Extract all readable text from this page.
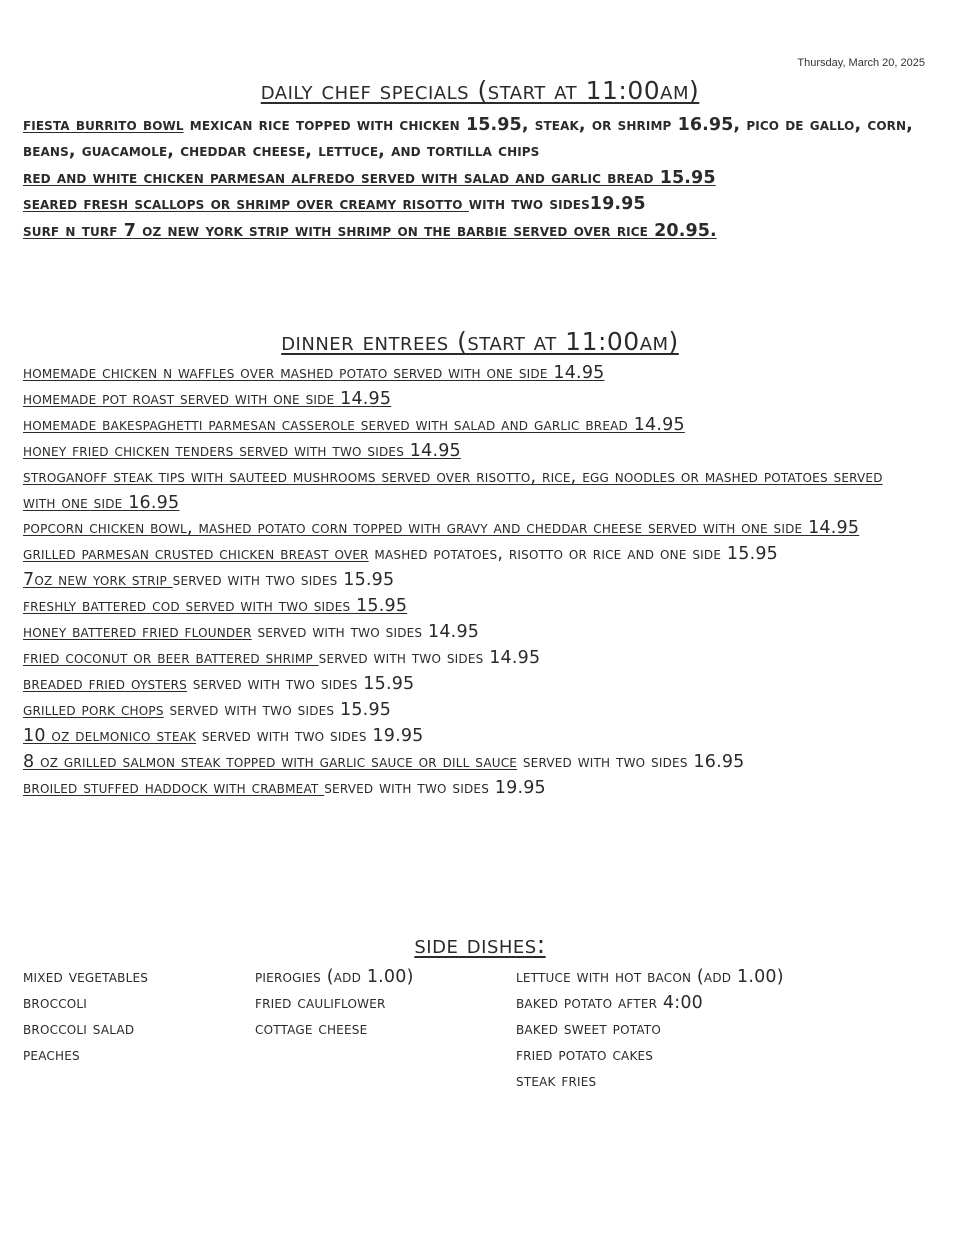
Thursday, March 20, 2025
daily chef specials (start at 11:00am)

fiesta burrito bowl mexican rice topped with chicken 15.95, steak, or shrimp 16.95, pico de gallo, corn, beans, guacamole, cheddar cheese, lettuce, and tortilla chips

red and white chicken parmesan alfredo served with salad and garlic bread 15.95

seared fresh scallops or shrimp over creamy risotto with two sides19.95

surf n turf 7 oz new york strip with shrimp on the barbie served over rice 20.95.

dinner entrees (start at 11:00am)

homemade chicken n waffles over mashed potato served with one side 14.95

homemade pot roast served with one side 14.95

homemade bakespaghetti parmesan casserole served with salad and garlic bread 14.95

honey fried chicken tenders served with two sides 14.95

stroganoff steak tips with sauteed mushrooms served over risotto, rice, egg noodles or mashed potatoes served with one side 16.95

popcorn chicken bowl, mashed potato corn topped with gravy and cheddar cheese served with one side 14.95

grilled parmesan crusted chicken breast over mashed potatoes, risotto or rice and one side 15.95

7oz new york strip served with two sides 15.95

freshly battered cod served with two sides 15.95

honey battered fried flounder served with two sides 14.95

fried coconut or beer battered shrimp served with two sides 14.95

breaded fried oysters served with two sides 15.95

grilled pork chops served with two sides 15.95

10 oz delmonico steak served with two sides 19.95

8 oz grilled salmon steak topped with garlic sauce or dill sauce served with two sides 16.95

broiled stuffed haddock with crabmeat served with two sides 19.95

side dishes:
mixed vegetables
broccoli
broccoli salad
peaches
pierogies (add 1.00)
fried cauliflower
cottage cheese
lettuce with hot bacon (add 1.00)
baked potato after 4:00
baked sweet potato
fried potato cakes
steak fries
